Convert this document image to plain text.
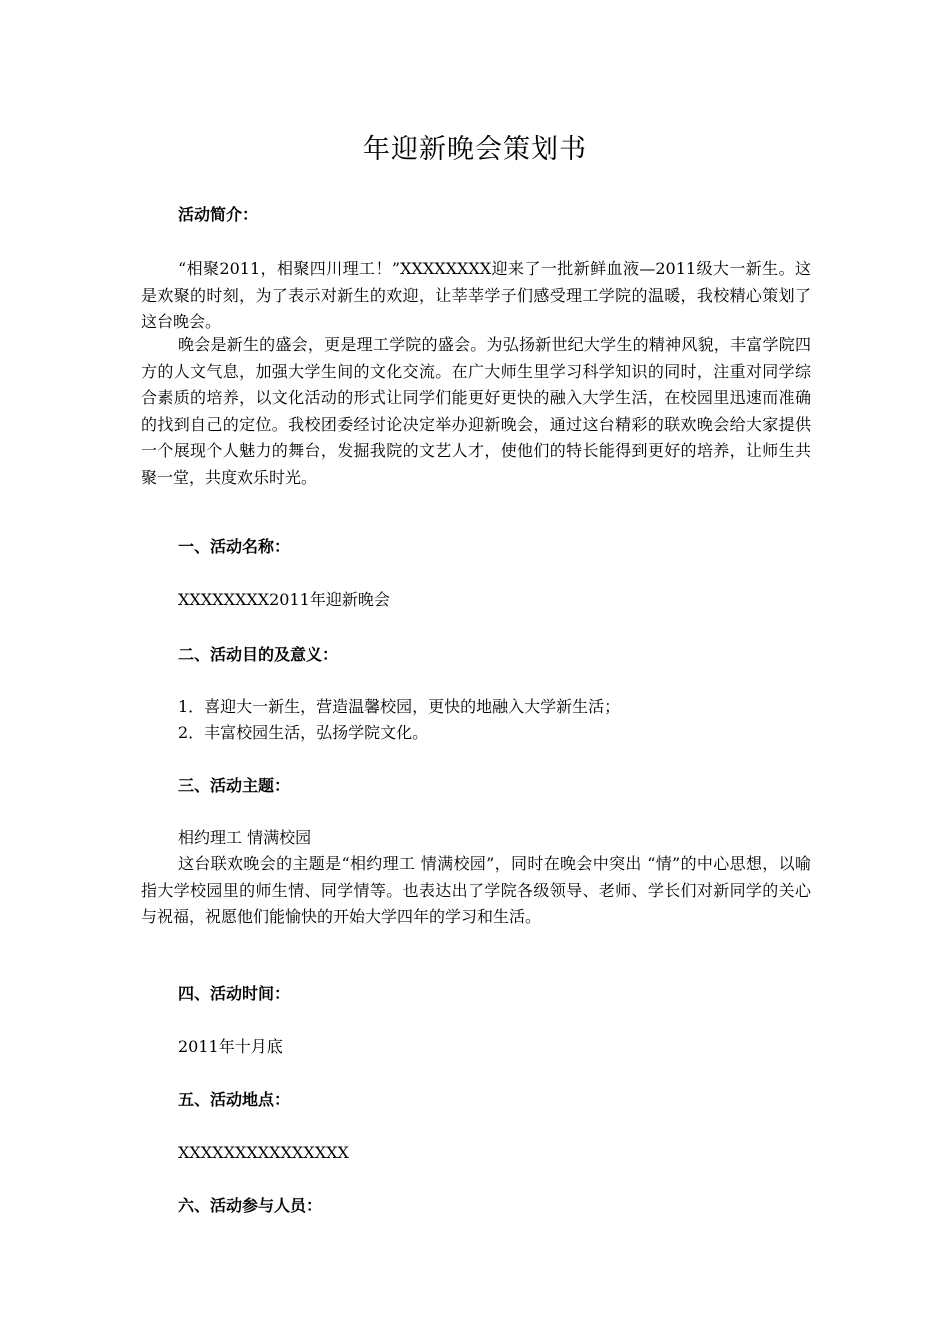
年迎新晚会策划书
活动简介：

“相聚2011，相聚四川理工！”XXXXXXXX迎来了一批新鲜血液—2011级大一新生。这是欢聚的时刻，为了表示对新生的欢迎，让莘莘学子们感受理工学院的温暖，我校精心策划了这台晚会。

晚会是新生的盛会，更是理工学院的盛会。为弘扬新世纪大学生的精神风貌，丰富学院四方的人文气息，加强大学生间的文化交流。在广大师生里学习科学知识的同时，注重对同学综合素质的培养，以文化活动的形式让同学们能更好更快的融入大学生活，在校园里迅速而准确的找到自己的定位。我校团委经讨论决定举办迎新晚会，通过这台精彩的联欢晚会给大家提供一个展现个人魅力的舞台，发掘我院的文艺人才，使他们的特长能得到更好的培养，让师生共聚一堂，共度欢乐时光。

一、活动名称：
XXXXXXXX2011年迎新晚会
二、活动目的及意义：
1．喜迎大一新生，营造温馨校园，更快的地融入大学新生活；
2．丰富校园生活，弘扬学院文化。
三、活动主题：
相约理工 情满校园

这台联欢晚会的主题是“相约理工 情满校园”，同时在晚会中突出 “情”的中心思想，以喻指大学校园里的师生情、同学情等。也表达出了学院各级领导、老师、学长们对新同学的关心与祝福，祝愿他们能愉快的开始大学四年的学习和生活。

四、活动时间：
2011年十月底
五、活动地点：
XXXXXXXXXXXXXXX
六、活动参与人员：
